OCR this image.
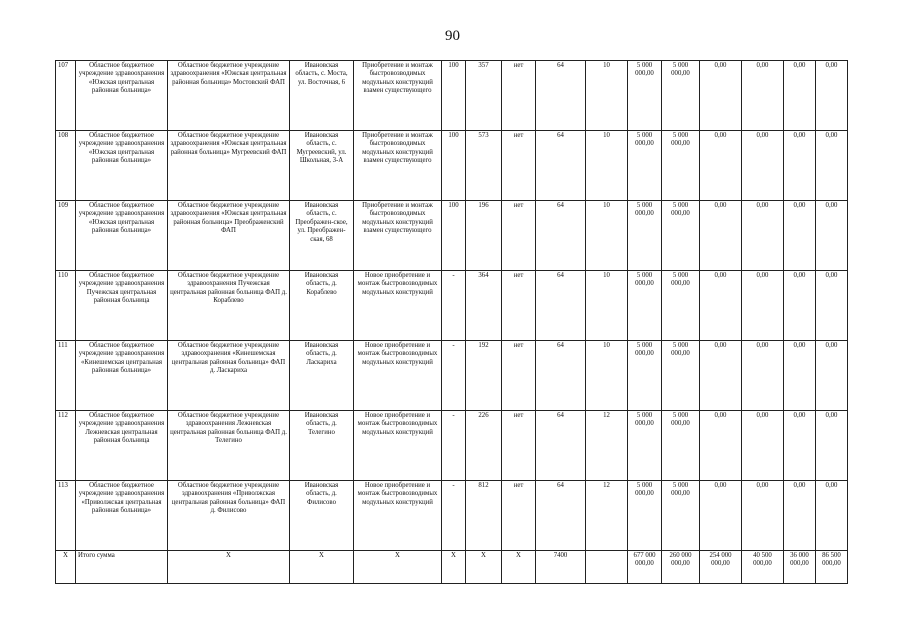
90
107	Областное бюджетное учреждение здравоохранения «Южская центральная районная больница»	Областное бюджетное учреждение здравоохранения «Южская центральная районная больница» Мостовский ФАП	Ивановская область, с. Моста, ул. Восточная, 6	Приобретение и монтаж быстровозводимых модульных конструкций взамен существующего	100	357	нет	64	10	5 000 000,00	5 000 000,00	0,00	0,00	0,00	0,00
108	Областное бюджетное учреждение здравоохранения «Южская центральная районная больница»	Областное бюджетное учреждение здравоохранения «Южская центральная районная больница» Мугреевский ФАП	Ивановская область, с. Мугреевский, ул. Школьная, 3-А	Приобретение и монтаж быстровозводимых модульных конструкций взамен существующего	100	573	нет	64	10	5 000 000,00	5 000 000,00	0,00	0,00	0,00	0,00
109	Областное бюджетное учреждение здравоохранения «Южская центральная районная больница»	Областное бюджетное учреждение здравоохранения «Южская центральная районная больница» Преображенский ФАП	Ивановская область, с. Преображен-ское, ул. Преображен-ская, 68	Приобретение и монтаж быстровозводимых модульных конструкций взамен существующего	100	196	нет	64	10	5 000 000,00	5 000 000,00	0,00	0,00	0,00	0,00
110	Областное бюджетное учреждение здравоохранения Пучежская центральная районная больница	Областное бюджетное учреждение здравоохранения Пучежская центральная районная больница ФАП д. Кораблево	Ивановская область, д. Кораблево	Новое приобретение и монтаж быстровозводимых модульных конструкций	-	364	нет	64	10	5 000 000,00	5 000 000,00	0,00	0,00	0,00	0,00
111	Областное бюджетное учреждение здравоохранения «Кинешемская центральная районная больница»	Областное бюджетное учреждение здравоохранения «Кинешемская центральная районная больница» ФАП д. Ласкариха	Ивановская область, д. Ласкариха	Новое приобретение и монтаж быстровозводимых модульных конструкций	-	192	нет	64	10	5 000 000,00	5 000 000,00	0,00	0,00	0,00	0,00
112	Областное бюджетное учреждение здравоохранения Лежневская центральная районная больница	Областное бюджетное учреждение здравоохранения Лежневская центральная районная больница ФАП д. Телегино	Ивановская область, д. Телегино	Новое приобретение и монтаж быстровозводимых модульных конструкций	-	226	нет	64	12	5 000 000,00	5 000 000,00	0,00	0,00	0,00	0,00
113	Областное бюджетное учреждение здравоохранения «Приволжская центральная районная больница»	Областное бюджетное учреждение здравоохранения «Приволжская центральная районная больница» ФАП д. Филисово	Ивановская область, д. Филисово	Новое приобретение и монтаж быстровозводимых модульных конструкций	-	812	нет	64	12	5 000 000,00	5 000 000,00	0,00	0,00	0,00	0,00
Х	Итого сумма	Х	Х	Х	Х	Х	Х	7400		677 000 000,00	260 000 000,00	254 000 000,00	40 500 000,00	36 000 000,00	86 500 000,00
